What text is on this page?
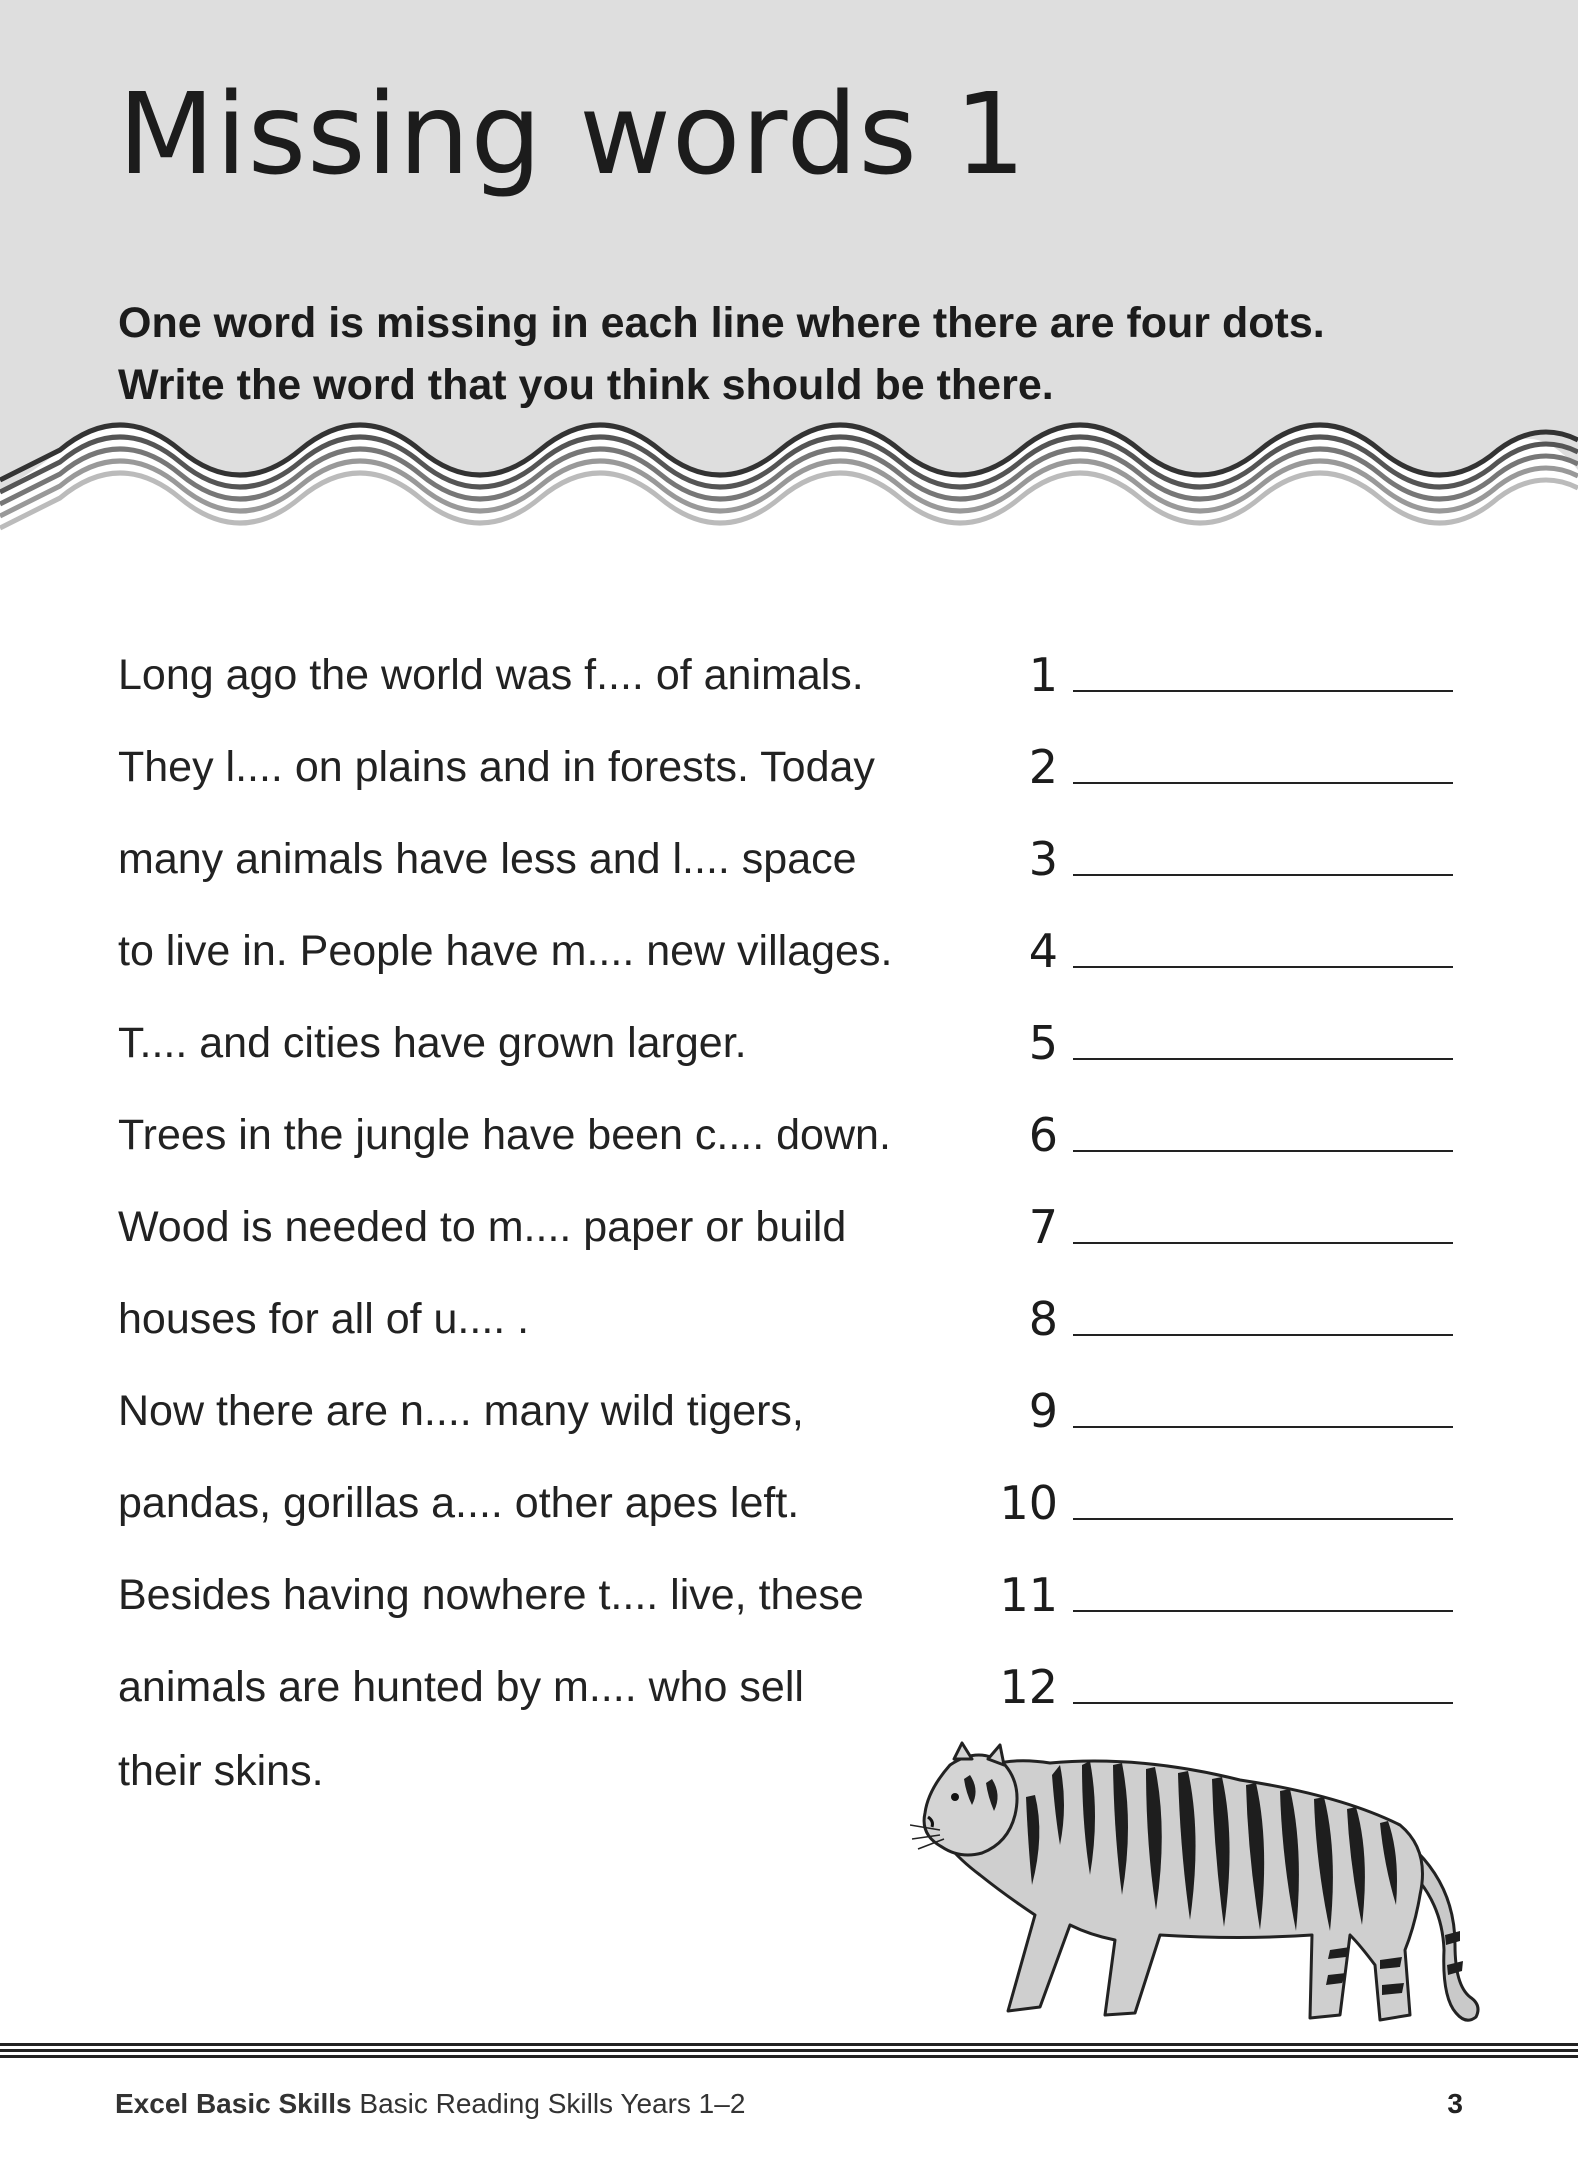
Missing words 1
One word is missing in each line where there are four dots.
Write the word that you think should be there.
Long ago the world was f.... of animals.	1
They l.... on plains and in forests. Today	2
many animals have less and l.... space	3
to live in. People have m.... new villages.	4
T.... and cities have grown larger.	5
Trees in the jungle have been c.... down.	6
Wood is needed to m.... paper or build	7
houses for all of u.... .	8
Now there are n.... many wild tigers,	9
pandas, gorillas a.... other apes left.	10
Besides having nowhere t.... live, these	11
animals are hunted by m.... who sell	12
their skins.
Excel Basic Skills Basic Reading Skills Years 1–2	3
